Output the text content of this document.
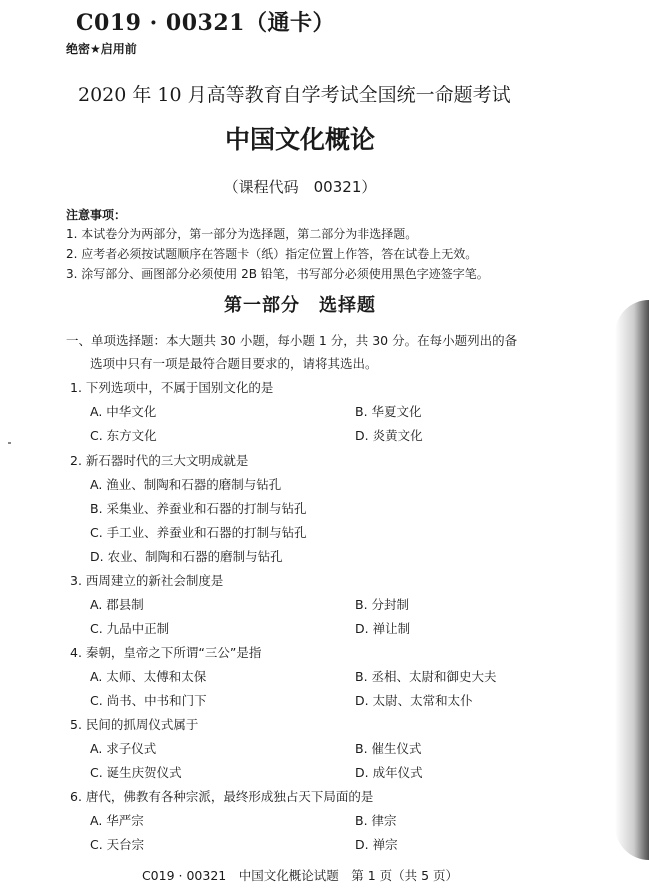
C019 · 00321（通卡）
绝密★启用前
2020 年 10 月高等教育自学考试全国统一命题考试
中国文化概论
（课程代码　00321）
注意事项：
1. 本试卷分为两部分，第一部分为选择题，第二部分为非选择题。
2. 应考者必须按试题顺序在答题卡（纸）指定位置上作答，答在试卷上无效。
3. 涂写部分、画图部分必须使用 2B 铅笔，书写部分必须使用黑色字迹签字笔。
第一部分　选择题
一、单项选择题：本大题共 30 小题，每小题 1 分，共 30 分。在每小题列出的备
选项中只有一项是最符合题目要求的，请将其选出。
1. 下列选项中，不属于国别文化的是
A. 中华文化	B. 华夏文化
C. 东方文化	D. 炎黄文化
2. 新石器时代的三大文明成就是
A. 渔业、制陶和石器的磨制与钻孔
B. 采集业、养蚕业和石器的打制与钻孔
C. 手工业、养蚕业和石器的打制与钻孔
D. 农业、制陶和石器的磨制与钻孔
3. 西周建立的新社会制度是
A. 郡县制	B. 分封制
C. 九品中正制	D. 禅让制
4. 秦朝，皇帝之下所谓“三公”是指
A. 太师、太傅和太保	B. 丞相、太尉和御史大夫
C. 尚书、中书和门下	D. 太尉、太常和太仆
5. 民间的抓周仪式属于
A. 求子仪式	B. 催生仪式
C. 诞生庆贺仪式	D. 成年仪式
6. 唐代，佛教有各种宗派，最终形成独占天下局面的是
A. 华严宗	B. 律宗
C. 天台宗	D. 禅宗
C019 · 00321　中国文化概论试题　第 1 页（共 5 页）
